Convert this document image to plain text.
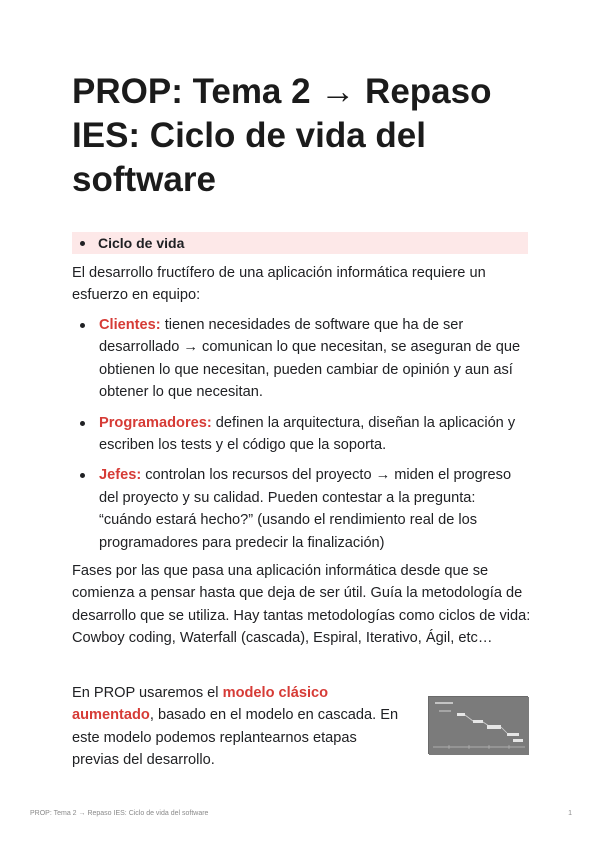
PROP: Tema 2 → Repaso IES: Ciclo de vida del software
Ciclo de vida

El desarrollo fructífero de una aplicación informática requiere un esfuerzo en equipo:

Clientes: tienen necesidades de software que ha de ser desarrollado → comunican lo que necesitan, se aseguran de que obtienen lo que necesitan, pueden cambiar de opinión y aun así obtener lo que necesitan.
Programadores: definen la arquitectura, diseñan la aplicación y escriben los tests y el código que la soporta.
Jefes: controlan los recursos del proyecto → miden el progreso del proyecto y su calidad. Pueden contestar a la pregunta: “cuándo estará hecho?” (usando el rendimiento real de los programadores para predecir la finalización)

Fases por las que pasa una aplicación informática desde que se comienza a pensar hasta que deja de ser útil. Guía la metodología de desarrollo que se utiliza. Hay tantas metodologías como ciclos de vida: Cowboy coding, Waterfall (cascada), Espiral, Iterativo, Ágil, etc…

En PROP usaremos el modelo clásico aumentado, basado en el modelo en cascada. En este modelo podemos replantearnos etapas previas del desarrollo.

PROP: Tema 2 → Repaso IES: Ciclo de vida del software	1
